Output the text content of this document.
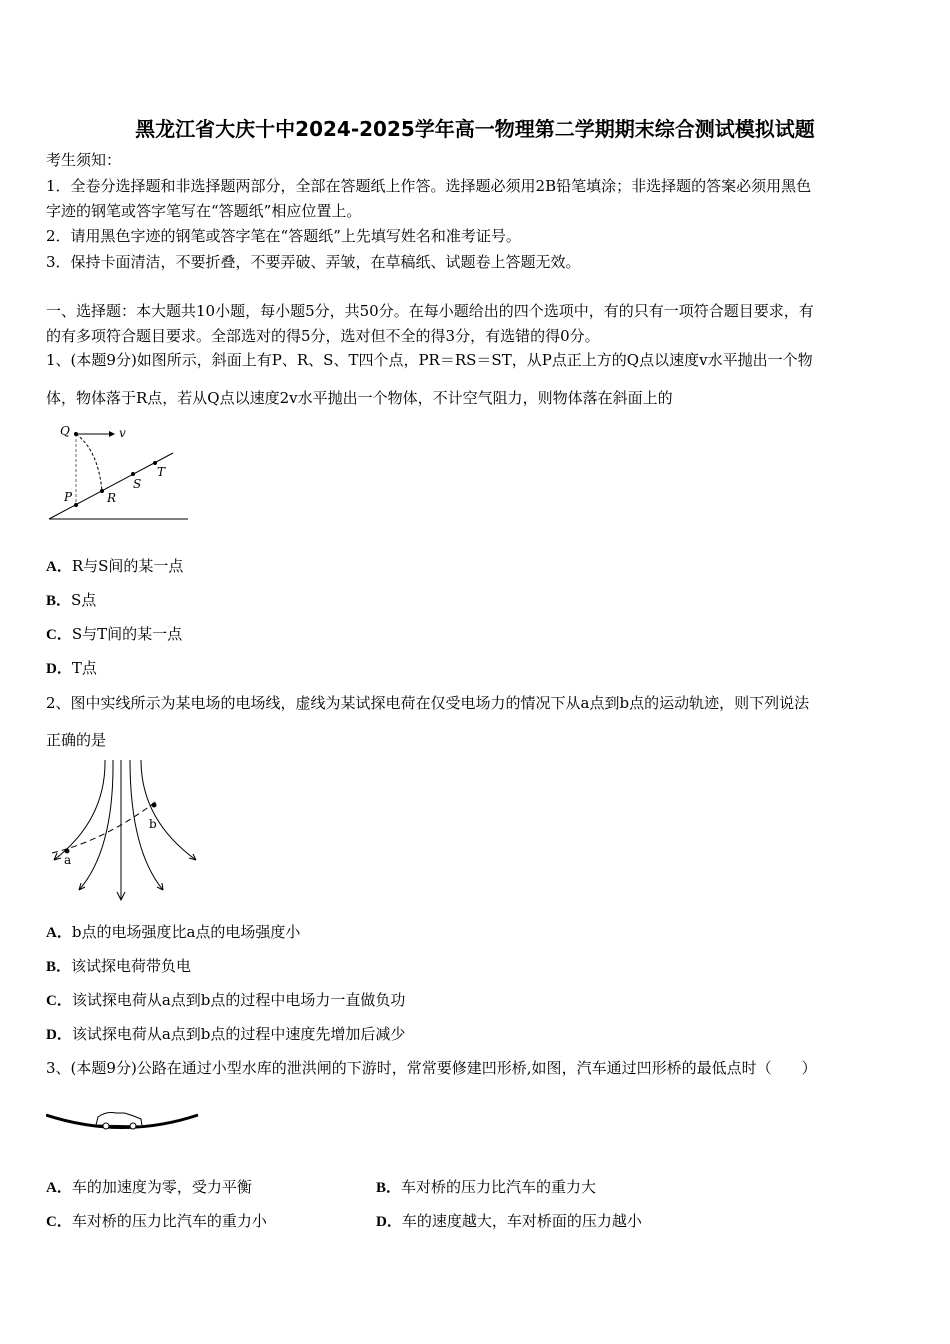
黑龙江省大庆十中2024-2025学年高一物理第二学期期末综合测试模拟试题
考生须知：
1．全卷分选择题和非选择题两部分，全部在答题纸上作答。选择题必须用2B铅笔填涂；非选择题的答案必须用黑色
字迹的钢笔或答字笔写在“答题纸”相应位置上。
2．请用黑色字迹的钢笔或答字笔在“答题纸”上先填写姓名和准考证号。
3．保持卡面清洁，不要折叠，不要弄破、弄皱，在草稿纸、试题卷上答题无效。
一、选择题：本大题共10小题，每小题5分，共50分。在每小题给出的四个选项中，有的只有一项符合题目要求，有
的有多项符合题目要求。全部选对的得5分，选对但不全的得3分，有选错的得0分。
1、(本题9分)如图所示，斜面上有P、R、S、T四个点，PR＝RS＝ST，从P点正上方的Q点以速度v水平抛出一个物
体，物体落于R点，若从Q点以速度2v水平抛出一个物体，不计空气阻力，则物体落在斜面上的
Q	v
P	R
S
T
A．R与S间的某一点
B．S点
C．S与T间的某一点
D．T点
2、图中实线所示为某电场的电场线，虚线为某试探电荷在仅受电场力的情况下从a点到b点的运动轨迹，则下列说法
正确的是
a
b
A．b点的电场强度比a点的电场强度小
B．该试探电荷带负电
C．该试探电荷从a点到b点的过程中电场力一直做负功
D．该试探电荷从a点到b点的过程中速度先增加后减少
3、(本题9分)公路在通过小型水库的泄洪闸的下游时，常常要修建凹形桥,如图，汽车通过凹形桥的最低点时（　　）
A．车的加速度为零，受力平衡	B．车对桥的压力比汽车的重力大
C．车对桥的压力比汽车的重力小	D．车的速度越大，车对桥面的压力越小
